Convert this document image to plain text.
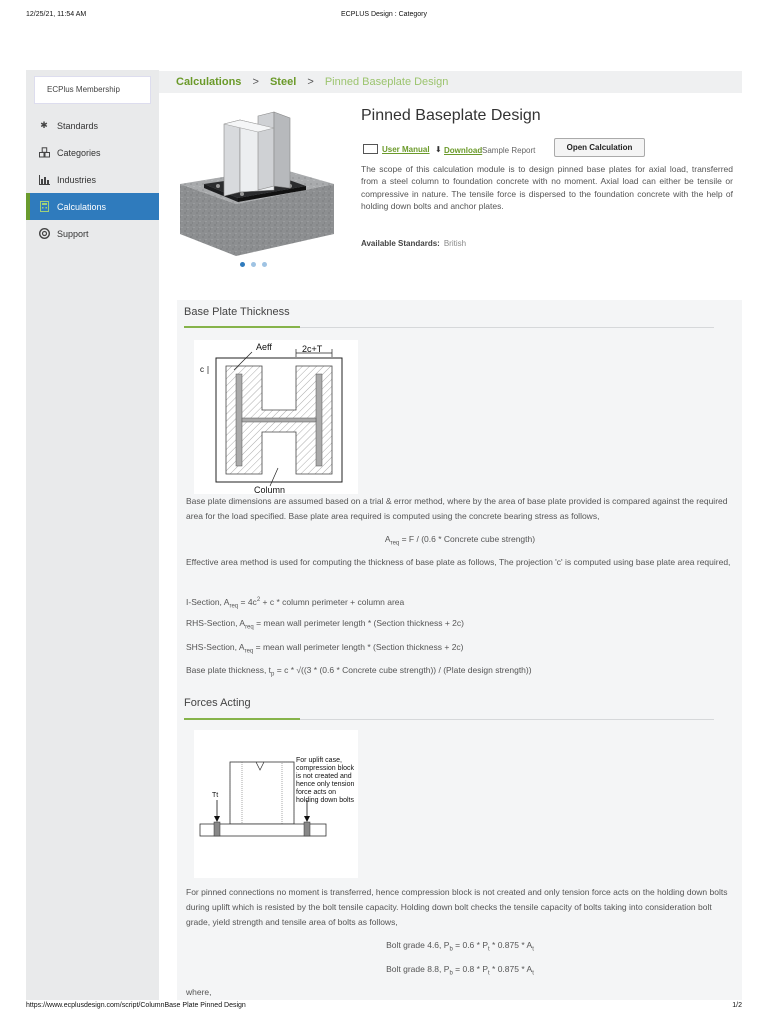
12/25/21, 11:54 AM	ECPLUS Design : Category
ECPlus Membership
✱ Standards
Categories
Industries
Calculations
Support
Calculations > Steel > Pinned Baseplate Design
Pinned Baseplate Design
User Manual ⬇ Download Sample Report	Open Calculation
The scope of this calculation module is to design pinned base plates for axial load, transferred from a steel column to foundation concrete with no moment. Axial load can either be tensile or compressive in nature. The tensile force is dispersed to the foundation concrete with the help of holding down bolts and anchor plates.
Available Standards: British
Base Plate Thickness
Aeff	2c+T
c
Column
Base plate dimensions are assumed based on a trial & error method, where by the area of base plate provided is compared against the required area for the load specified. Base plate area required is computed using the concrete bearing stress as follows,
$A_{req} = F / (0.6$ * Concrete cube strength)
Effective area method is used for computing the thickness of base plate as follows, The projection 'c' is computed using base plate area required,
I-Section, $A_{req} = 4c^2 + c$ * column perimeter + column area
RHS-Section, $A_{req}$ = mean wall perimeter length * (Section thickness + 2c)
SHS-Section, $A_{req}$ = mean wall perimeter length * (Section thickness + 2c)
Base plate thickness, $t_p = c * √((3 * (0.6$ * Concrete cube strength)) / (Plate design strength))
Forces Acting
Tt
For uplift case, compression block is not created and hence only tension force acts on holding down bolts
For pinned connections no moment is transferred, hence compression block is not created and only tension force acts on the holding down bolts during uplift which is resisted by the bolt tensile capacity. Holding down bolt checks the tensile capacity of bolts taking into consideration bolt grade, yield strength and tensile area of bolts as follows,
Bolt grade 4.6, $P_b = 0.6 * P_t * 0.875 * A_t$
Bolt grade 8.8, $P_b = 0.8 * P_t * 0.875 * A_t$
where,
https://www.ecplusdesign.com/script/ColumnBase Plate Pinned Design	1/2
